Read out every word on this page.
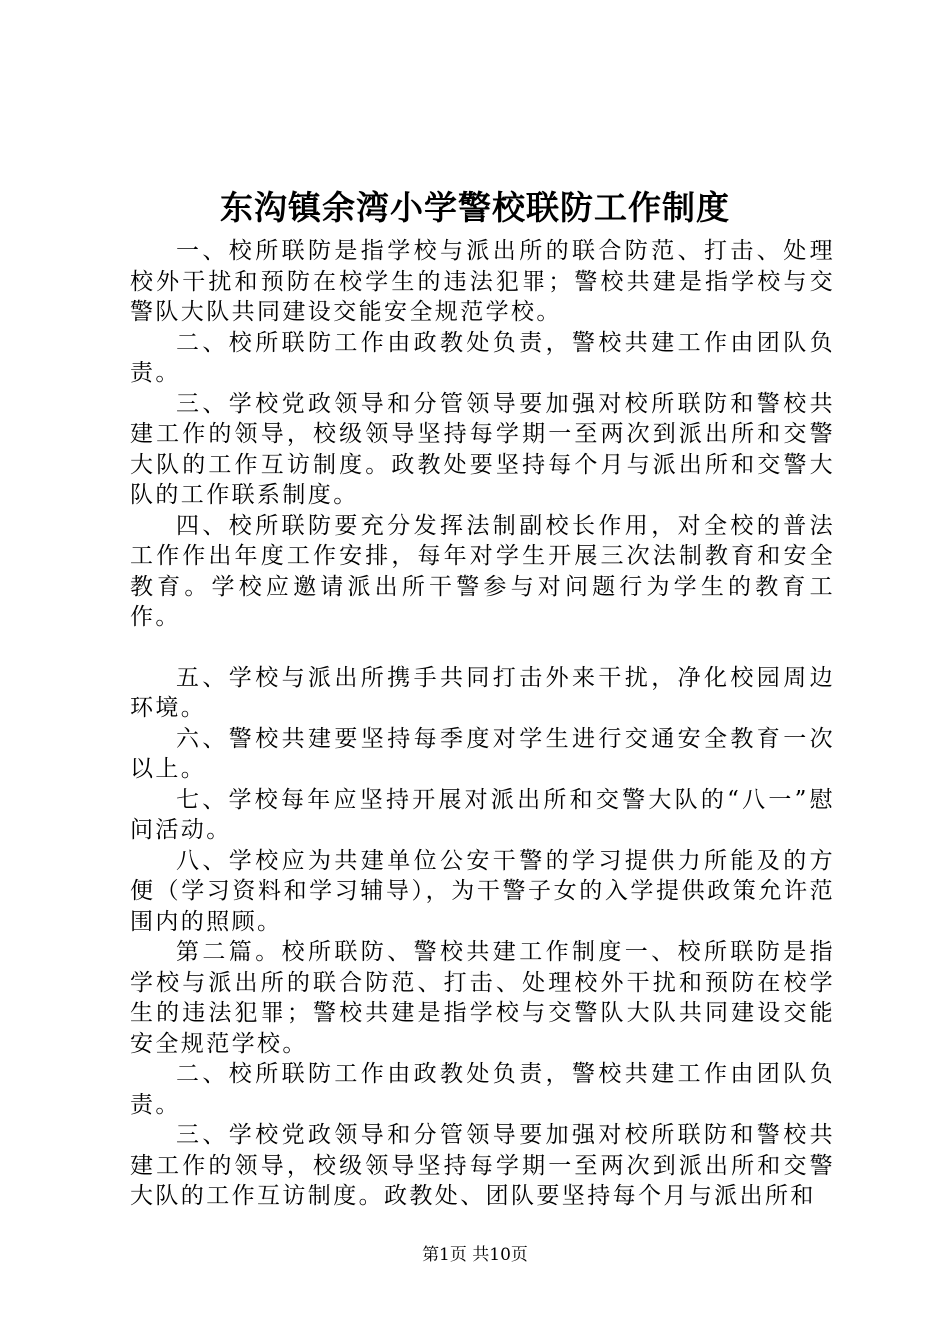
东沟镇余湾小学警校联防工作制度

一、校所联防是指学校与派出所的联合防范、打击、处理校外干扰和预防在校学生的违法犯罪；警校共建是指学校与交警队大队共同建设交能安全规范学校。

二、校所联防工作由政教处负责，警校共建工作由团队负责。

三、学校党政领导和分管领导要加强对校所联防和警校共建工作的领导，校级领导坚持每学期一至两次到派出所和交警大队的工作互访制度。政教处要坚持每个月与派出所和交警大队的工作联系制度。

四、校所联防要充分发挥法制副校长作用，对全校的普法工作作出年度工作安排，每年对学生开展三次法制教育和安全教育。学校应邀请派出所干警参与对问题行为学生的教育工作。

五、学校与派出所携手共同打击外来干扰，净化校园周边环境。

六、警校共建要坚持每季度对学生进行交通安全教育一次以上。

七、学校每年应坚持开展对派出所和交警大队的“八一”慰问活动。

八、学校应为共建单位公安干警的学习提供力所能及的方便（学习资料和学习辅导），为干警子女的入学提供政策允许范围内的照顾。

第二篇。校所联防、警校共建工作制度一、校所联防是指学校与派出所的联合防范、打击、处理校外干扰和预防在校学生的违法犯罪；警校共建是指学校与交警队大队共同建设交能安全规范学校。

二、校所联防工作由政教处负责，警校共建工作由团队负责。

三、学校党政领导和分管领导要加强对校所联防和警校共建工作的领导，校级领导坚持每学期一至两次到派出所和交警大队的工作互访制度。政教处、团队要坚持每个月与派出所和

第1页 共10页
